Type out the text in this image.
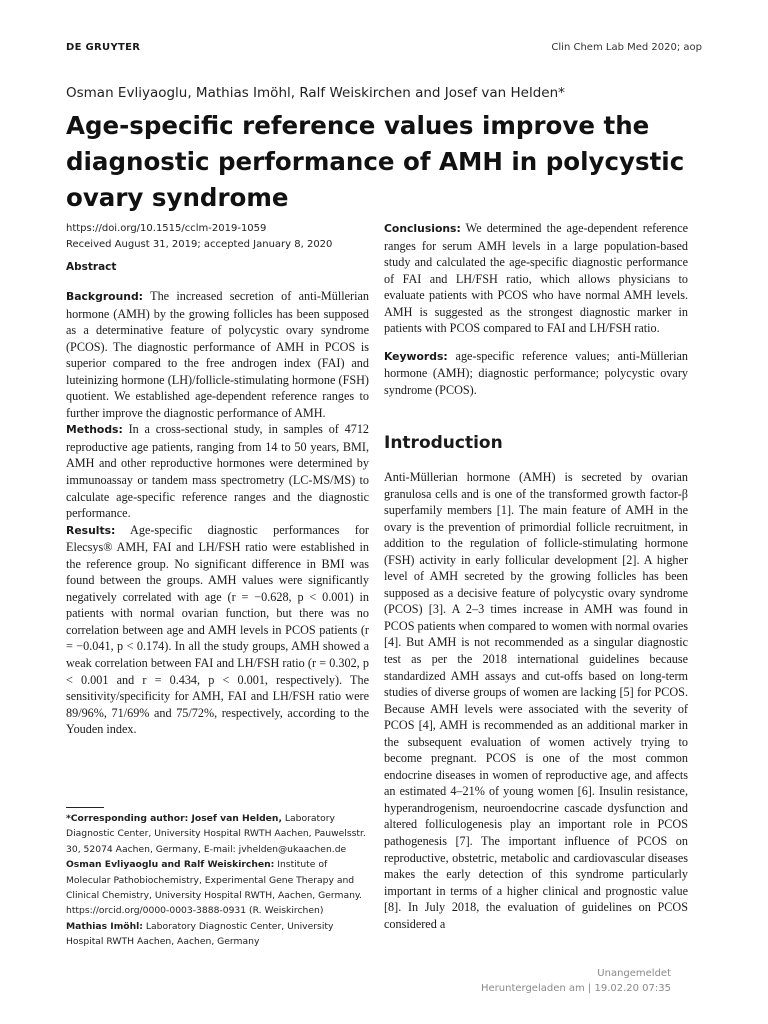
DE GRUYTER	Clin Chem Lab Med 2020; aop
Osman Evliyaoglu, Mathias Imöhl, Ralf Weiskirchen and Josef van Helden*
Age-specific reference values improve the diagnostic performance of AMH in polycystic ovary syndrome
https://doi.org/10.1515/cclm-2019-1059
Received August 31, 2019; accepted January 8, 2020
Abstract

Background: The increased secretion of anti-Müllerian hormone (AMH) by the growing follicles has been supposed as a determinative feature of polycystic ovary syndrome (PCOS). The diagnostic performance of AMH in PCOS is superior compared to the free androgen index (FAI) and luteinizing hormone (LH)/follicle-stimulating hormone (FSH) quotient. We established age-dependent reference ranges to further improve the diagnostic performance of AMH.

Methods: In a cross-sectional study, in samples of 4712 reproductive age patients, ranging from 14 to 50 years, BMI, AMH and other reproductive hormones were determined by immunoassay or tandem mass spectrometry (LC-MS/MS) to calculate age-specific reference ranges and the diagnostic performance.

Results: Age-specific diagnostic performances for Elecsys® AMH, FAI and LH/FSH ratio were established in the reference group. No significant difference in BMI was found between the groups. AMH values were significantly negatively correlated with age (r = −0.628, p < 0.001) in patients with normal ovarian function, but there was no correlation between age and AMH levels in PCOS patients (r = −0.041, p < 0.174). In all the study groups, AMH showed a weak correlation between FAI and LH/FSH ratio (r = 0.302, p < 0.001 and r = 0.434, p < 0.001, respectively). The sensitivity/specificity for AMH, FAI and LH/FSH ratio were 89/96%, 71/69% and 75/72%, respectively, according to the Youden index.

Conclusions: We determined the age-dependent reference ranges for serum AMH levels in a large population-based study and calculated the age-specific diagnostic performance of FAI and LH/FSH ratio, which allows physicians to evaluate patients with PCOS who have normal AMH levels. AMH is suggested as the strongest diagnostic marker in patients with PCOS compared to FAI and LH/FSH ratio.

Keywords: age-specific reference values; anti-Müllerian hormone (AMH); diagnostic performance; polycystic ovary syndrome (PCOS).

Introduction
Anti-Müllerian hormone (AMH) is secreted by ovarian granulosa cells and is one of the transformed growth factor-β superfamily members [1]. The main feature of AMH in the ovary is the prevention of primordial follicle recruitment, in addition to the regulation of follicle-stimulating hormone (FSH) activity in early follicular development [2]. A higher level of AMH secreted by the growing follicles has been supposed as a decisive feature of polycystic ovary syndrome (PCOS) [3]. A 2–3 times increase in AMH was found in PCOS patients when compared to women with normal ovaries [4]. But AMH is not recommended as a singular diagnostic test as per the 2018 international guidelines because standardized AMH assays and cut-offs based on long-term studies of diverse groups of women are lacking [5] for PCOS. Because AMH levels were associated with the severity of PCOS [4], AMH is recommended as an additional marker in the subsequent evaluation of women actively trying to become pregnant. PCOS is one of the most common endocrine diseases in women of reproductive age, and affects an estimated 4–21% of young women [6]. Insulin resistance, hyperandrogenism, neuroendocrine cascade dysfunction and altered folliculogenesis play an important role in PCOS pathogenesis [7]. The important influence of PCOS on reproductive, obstetric, metabolic and cardiovascular diseases makes the early detection of this syndrome particularly important in terms of a higher clinical and prognostic value [8]. In July 2018, the evaluation of guidelines on PCOS considered a

*Corresponding author: Josef van Helden, Laboratory Diagnostic Center, University Hospital RWTH Aachen, Pauwelsstr. 30, 52074 Aachen, Germany, E-mail: jvhelden@ukaachen.de

Osman Evliyaoglu and Ralf Weiskirchen: Institute of Molecular Pathobiochemistry, Experimental Gene Therapy and Clinical Chemistry, University Hospital RWTH, Aachen, Germany. https://orcid.org/0000-0003-3888-0931 (R. Weiskirchen)

Mathias Imöhl: Laboratory Diagnostic Center, University Hospital RWTH Aachen, Aachen, Germany

Unangemeldet
Heruntergeladen am | 19.02.20 07:35
